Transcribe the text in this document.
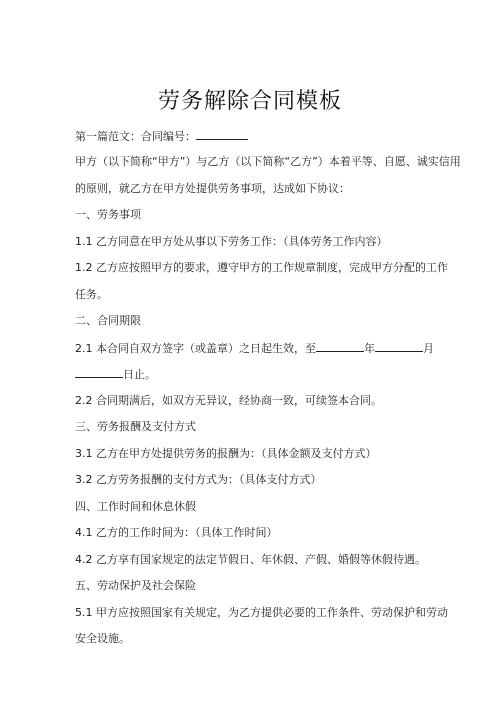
劳务解除合同模板
第一篇范文：合同编号：
甲方（以下简称“甲方”）与乙方（以下简称“乙方”）本着平等、自愿、诚实信用
的原则，就乙方在甲方处提供劳务事项，达成如下协议：
一、劳务事项
1.1 乙方同意在甲方处从事以下劳务工作：（具体劳务工作内容）
1.2 乙方应按照甲方的要求，遵守甲方的工作规章制度，完成甲方分配的工作
任务。
二、合同期限
2.1 本合同自双方签字（或盖章）之日起生效，至	年	月
日止。
2.2 合同期满后，如双方无异议，经协商一致，可续签本合同。
三、劳务报酬及支付方式
3.1 乙方在甲方处提供劳务的报酬为：（具体金额及支付方式）
3.2 乙方劳务报酬的支付方式为：（具体支付方式）
四、工作时间和休息休假
4.1 乙方的工作时间为：（具体工作时间）
4.2 乙方享有国家规定的法定节假日、年休假、产假、婚假等休假待遇。
五、劳动保护及社会保险
5.1 甲方应按照国家有关规定，为乙方提供必要的工作条件、劳动保护和劳动
安全设施。
